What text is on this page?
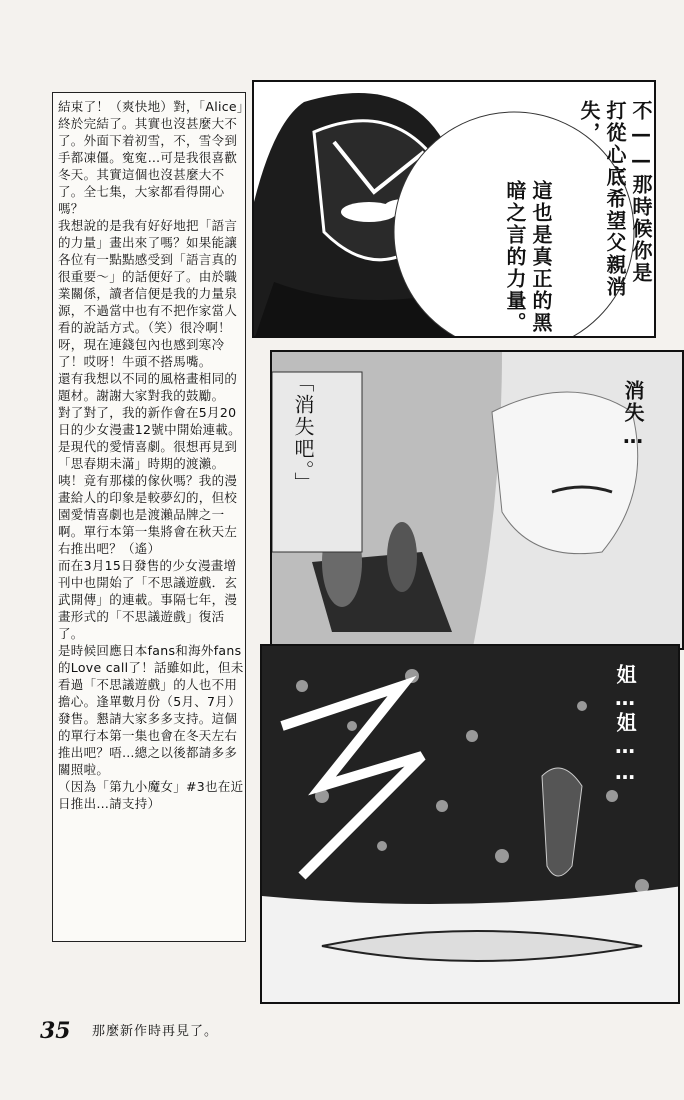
結束了！（爽快地）對，「Alice」終於完結了。其實也沒甚麼大不了。外面下着初雪，不，雪令到手都凍僵。寃寃…可是我很喜歡冬天。其實這個也沒甚麼大不了。全七集，大家都看得開心嗎？
我想說的是我有好好地把「語言的力量」畫出來了嗎？如果能讓各位有一點點感受到「語言真的很重要〜」的話便好了。由於職業關係，讀者信便是我的力量泉源，不過當中也有不把作家當人看的說話方式。（笑）很冷啊！呀，現在連錢包內也感到寒冷了！哎呀！牛頭不搭馬嘴。
還有我想以不同的風格畫相同的題材。謝謝大家對我的鼓勵。
對了對了，我的新作會在5月20日的少女漫畫12號中開始連載。是現代的愛情喜劇。很想再見到「思春期未滿」時期的渡瀨。咦！竟有那樣的傢伙嗎？我的漫畫給人的印象是較夢幻的，但校園愛情喜劇也是渡瀨品牌之一啊。單行本第一集將會在秋天左右推出吧？（遙）
而在3月15日發售的少女漫畫增刊中也開始了「不思議遊戲．玄武開傳」的連載。事隔七年，漫畫形式的「不思議遊戲」復活了。
是時候回應日本fans和海外fans的Love call了！話雖如此，但未看過「不思議遊戲」的人也不用擔心。逢單數月份（5月、7月）發售。懇請大家多多支持。這個的單行本第一集也會在冬天左右推出吧？唔…總之以後都請多多關照啦。
（因為「第九小魔女」#3也在近日推出…請支持）
不——那時候你是打從心底希望父親消失，
這也是真正的黑暗之言的力量。
「消失吧。」	消失…
姐…姐……
35 那麼新作時再見了。
